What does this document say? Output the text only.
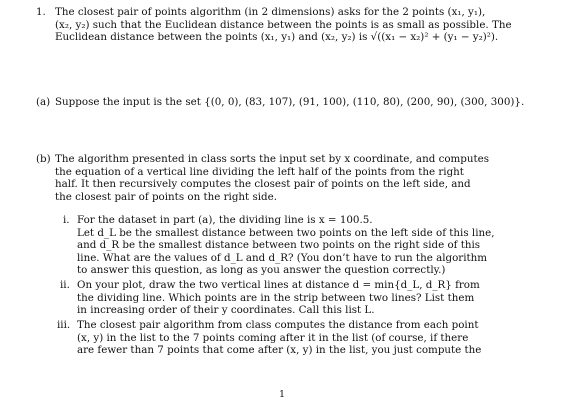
1. The closest pair of points algorithm (in 2 dimensions) asks for the 2 points (x₁, y₁),
(x₂, y₂) such that the Euclidean distance between the points is as small as possible. The
Euclidean distance between the points (x₁, y₁) and (x₂, y₂) is √((x₁ − x₂)² + (y₁ − y₂)²).
(a) Suppose the input is the set {(0, 0), (83, 107), (91, 100), (110, 80), (200, 90), (300, 300)}.
(b) The algorithm presented in class sorts the input set by x coordinate, and computes
the equation of a vertical line dividing the left half of the points from the right
half. It then recursively computes the closest pair of points on the left side, and
the closest pair of points on the right side.
i. For the dataset in part (a), the dividing line is x = 100.5.
Let d_L be the smallest distance between two points on the left side of this line,
and d_R be the smallest distance between two points on the right side of this
line. What are the values of d_L and d_R? (You don’t have to run the algorithm
to answer this question, as long as you answer the question correctly.)
ii. On your plot, draw the two vertical lines at distance d = min{d_L, d_R} from
the dividing line. Which points are in the strip between two lines? List them
in increasing order of their y coordinates. Call this list L.
iii. The closest pair algorithm from class computes the distance from each point
(x, y) in the list to the 7 points coming after it in the list (of course, if there
are fewer than 7 points that come after (x, y) in the list, you just compute the
1
